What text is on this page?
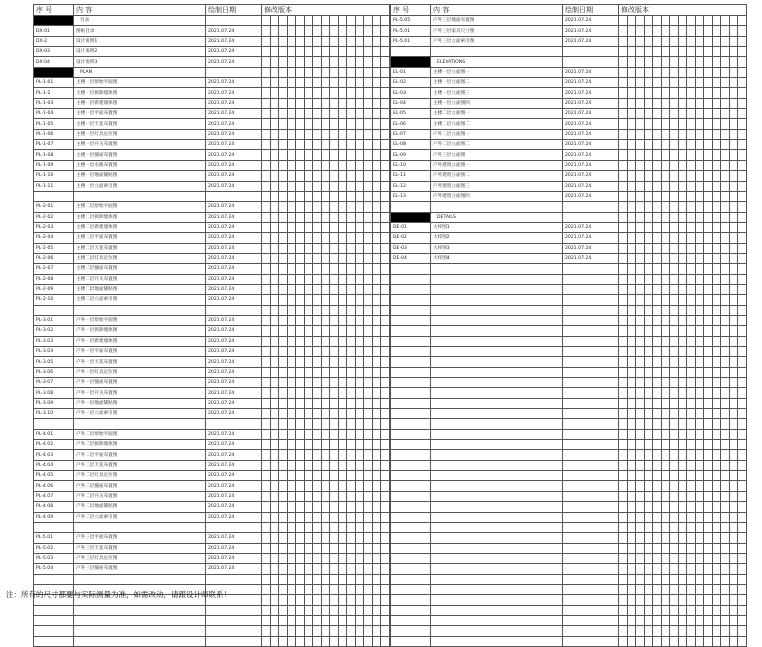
序 号	内 容	绘制日期	修改版本														
	目录																
DX-01	图纸目录	2021.07.24															
DX-2	设计说明1	2021.07.24															
DX-03	设计说明2	2021.07.24															
DX-04	设计说明3	2021.07.24															
	PLAN																
PL-1-01	主楼一层原始平面图	2021.07.24															
PL-1-2	主楼一层拆除墙体图	2021.07.24															
PL-1-03	主楼一层新建墙体图	2021.07.24															
PL-1-04	主楼一层平面布置图	2021.07.24															
PL-1-05	主楼一层天花布置图	2021.07.24															
PL-1-06	主楼一层灯具定位图	2021.07.24															
PL-1-07	主楼一层开关布置图	2021.07.24															
PL-1-08	主楼一层插座布置图	2021.07.24															
PL-1-09	主楼一层水路布置图	2021.07.24															
PL-1-10	主楼一层地面铺贴图	2021.07.24															
PL-1-11	主楼一层立面索引图	2021.07.24															

PL-2-01	主楼二层原始平面图	2021.07.24															
PL-2-02	主楼二层拆除墙体图	2021.07.24															
PL-2-03	主楼二层新建墙体图	2021.07.24															
PL-2-04	主楼二层平面布置图	2021.07.24															
PL-2-05	主楼二层天花布置图	2021.07.24															
PL-2-06	主楼二层灯具定位图	2021.07.24															
PL-2-07	主楼二层插座布置图	2021.07.24															
PL-2-08	主楼二层开关布置图	2021.07.24															
PL-2-09	主楼二层地面铺贴图	2021.07.24															
PL-2-10	主楼二层立面索引图	2021.07.24															

PL-3.01	户外一层原始平面图	2021.07.24															
PL-3.02	户外一层拆除墙体图	2021.07.24															
PL-3.03	户外一层新建墙体图	2021.07.24															
PL-3.04	户外一层平面布置图	2021.07.24															
PL-3.05	户外一层天花布置图	2021.07.24															
PL-3.06	户外一层灯具定位图	2021.07.24															
PL-3.07	户外一层插座布置图	2021.07.24															
PL-3.08	户外一层开关布置图	2021.07.24															
PL-3.09	户外一层地面铺贴图	2021.07.24															
PL-3.10	户外一层立面索引图	2021.07.24															

PL-4.01	户外二层原始平面图	2021.07.24															
PL-4.02	户外二层拆除墙体图	2021.07.24															
PL-4.03	户外二层平面布置图	2021.07.24															
PL-4.04	户外二层天花布置图	2021.07.24															
PL-4.05	户外二层灯具定位图	2021.07.24															
PL-4.06	户外二层插座布置图	2021.07.24															
PL-4.07	户外二层开关布置图	2021.07.24															
PL-4.08	户外二层地面铺贴图	2021.07.24															
PL-4.09	户外二层立面索引图	2021.07.24															

PL-5.01	户外三层平面布置图	2021.07.24															
PL-5.02	户外三层天花布置图	2021.07.24															
PL-5.03	户外三层灯具定位图	2021.07.24															
PL-5.04	户外三层插座布置图	2021.07.24															

序 号	内 容	绘制日期	修改版本														
PL-5.05	户外三层地面布置图	2021.07.24															
PL-5.01	户外三层家具尺寸图	2021.07.24															
PL-5.01	户外三层立面索引图	2021.07.24															

	ELEVATIONS																
EL-01	主楼一层立面图一	2021.07.24															
EL-02	主楼一层立面图二	2021.07.24															
EL-03	主楼一层立面图三	2021.07.24															
EL-04	主楼一层立面图四	2021.07.24															
EL-05	主楼二层立面图一	2021.07.24															
EL-06	主楼二层立面图二	2021.07.24															
EL-07	户外二层立面图一	2021.07.24															
EL-08	户外二层立面图二	2021.07.24															
EL-09	户外三层立面图	2021.07.24															
EL-10	户外建筑立面图一	2021.07.24															
EL-11	户外建筑立面图二	2021.07.24															
EL-12	户外建筑立面图三	2021.07.24															
EL-13	户外建筑立面图四	2021.07.24															

	DETAILS																
DE-01	大样图1	2021.07.24															
DE-02	大样图2	2021.07.24															
DE-03	大样图3	2021.07.24															
DE-04	大样图4	2021.07.24															

注：所有的尺寸都要与实际测量为准，如需改动，请跟设计师联系！
